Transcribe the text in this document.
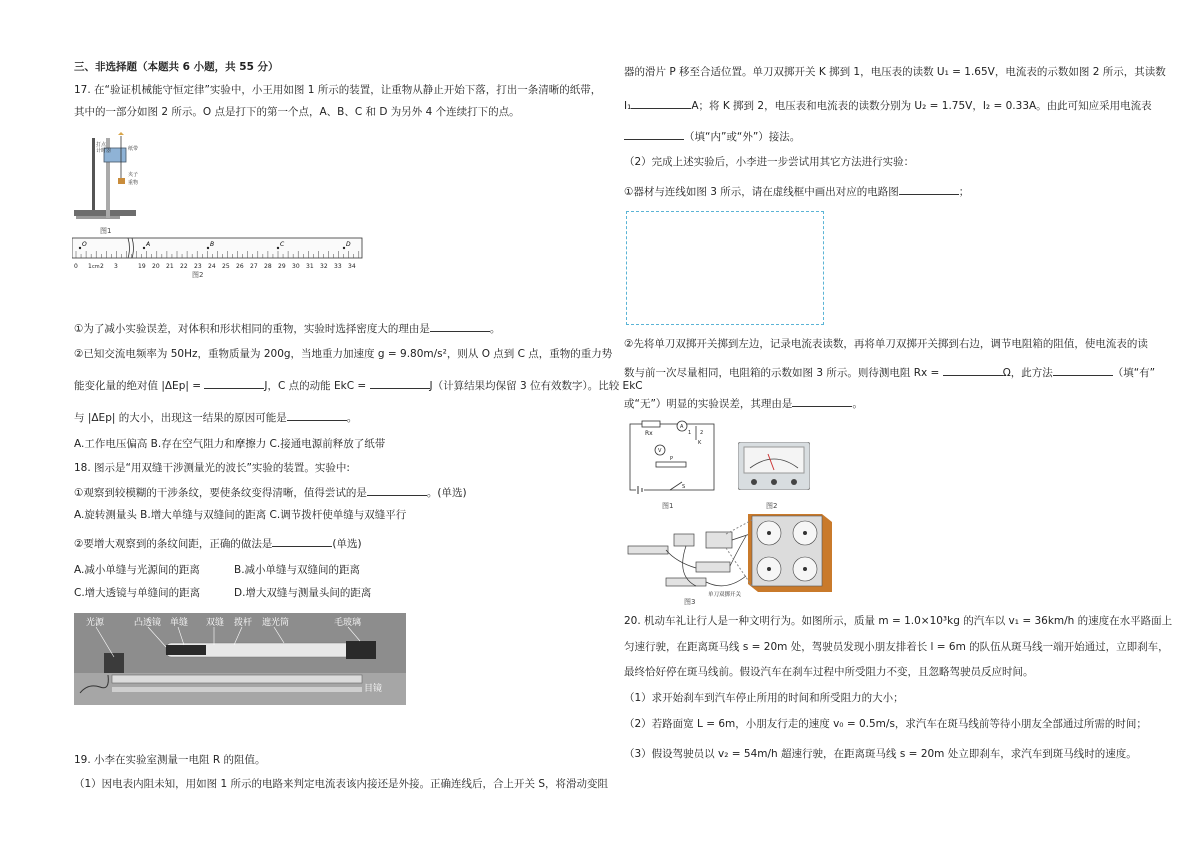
三、非选择题（本题共 6 小题，共 55 分）
17. 在“验证机械能守恒定律”实验中，小王用如图 1 所示的装置，让重物从静止开始下落，打出一条清晰的纸带，
其中的一部分如图 2 所示。O 点是打下的第一个点，A、B、C 和 D 为另外 4 个连续打下的点。
打点
计时器	纸带
夹子
重物
图1
O	A	B	C	D
0 1 2 3	19 20 21 22 23 24 25 26 27 28 29 30 31 32 33 34
cm
图2
①为了减小实验误差，对体积和形状相同的重物，实验时选择密度大的理由是	。
②已知交流电频率为 50Hz，重物质量为 200g，当地重力加速度 g = 9.80m/s²，则从 O 点到 C 点，重物的重力势
能变化量的绝对值 |ΔEp| =	J，C 点的动能 EkC =	J（计算结果均保留 3 位有效数字）。比较 EkC
与 |ΔEp| 的大小，出现这一结果的原因可能是	。
A.工作电压偏高 B.存在空气阻力和摩擦力 C.接通电源前释放了纸带
18. 图示是“用双缝干涉测量光的波长”实验的装置。实验中:
①观察到较模糊的干涉条纹，要使条纹变得清晰，值得尝试的是	。(单选)
A.旋转测量头 B.增大单缝与双缝间的距离 C.调节拨杆使单缝与双缝平行
②要增大观察到的条纹间距，正确的做法是	(单选)
A.减小单缝与光源间的距离	B.减小单缝与双缝间的距离
C.增大透镜与单缝间的距离	D.增大双缝与测量头间的距离
光源	凸透镜 单缝 双缝 拨杆 遮光筒	毛玻璃
目镜
19. 小李在实验室测量一电阻 R 的阻值。
（1）因电表内阻未知，用如图 1 所示的电路来判定电流表该内接还是外接。正确连线后，合上开关 S，将滑动变阻
器的滑片 P 移至合适位置。单刀双掷开关 K 掷到 1，电压表的读数 U₁ = 1.65V，电流表的示数如图 2 所示，其读数
I₁	A；将 K 掷到 2，电压表和电流表的读数分别为 U₂ = 1.75V，I₂ = 0.33A。由此可知应采用电流表
（填“内”或“外”）接法。
（2）完成上述实验后，小李进一步尝试用其它方法进行实验：
①器材与连线如图 3 所示，请在虚线框中画出对应的电路图	；
②先将单刀双掷开关掷到左边，记录电流表读数，再将单刀双掷开关掷到右边，调节电阻箱的阻值，使电流表的读
数与前一次尽量相同，电阻箱的示数如图 3 所示。则待测电阻 Rx =	Ω，此方法	（填“有”
或“无”）明显的实验误差，其理由是	。
Rx
A
K
V
P
S
1 2
图1	图2
单刀双掷开关
图3
20. 机动车礼让行人是一种文明行为。如图所示，质量 m = 1.0×10³kg 的汽车以 v₁ = 36km/h 的速度在水平路面上
匀速行驶，在距离斑马线 s = 20m 处，驾驶员发现小朋友排着长 l = 6m 的队伍从斑马线一端开始通过，立即刹车，
最终恰好停在斑马线前。假设汽车在刹车过程中所受阻力不变，且忽略驾驶员反应时间。
（1）求开始刹车到汽车停止所用的时间和所受阻力的大小；
（2）若路面宽 L = 6m，小朋友行走的速度 v₀ = 0.5m/s，求汽车在斑马线前等待小朋友全部通过所需的时间；
（3）假设驾驶员以 v₂ = 54m/h 超速行驶，在距离斑马线 s = 20m 处立即刹车，求汽车到斑马线时的速度。
